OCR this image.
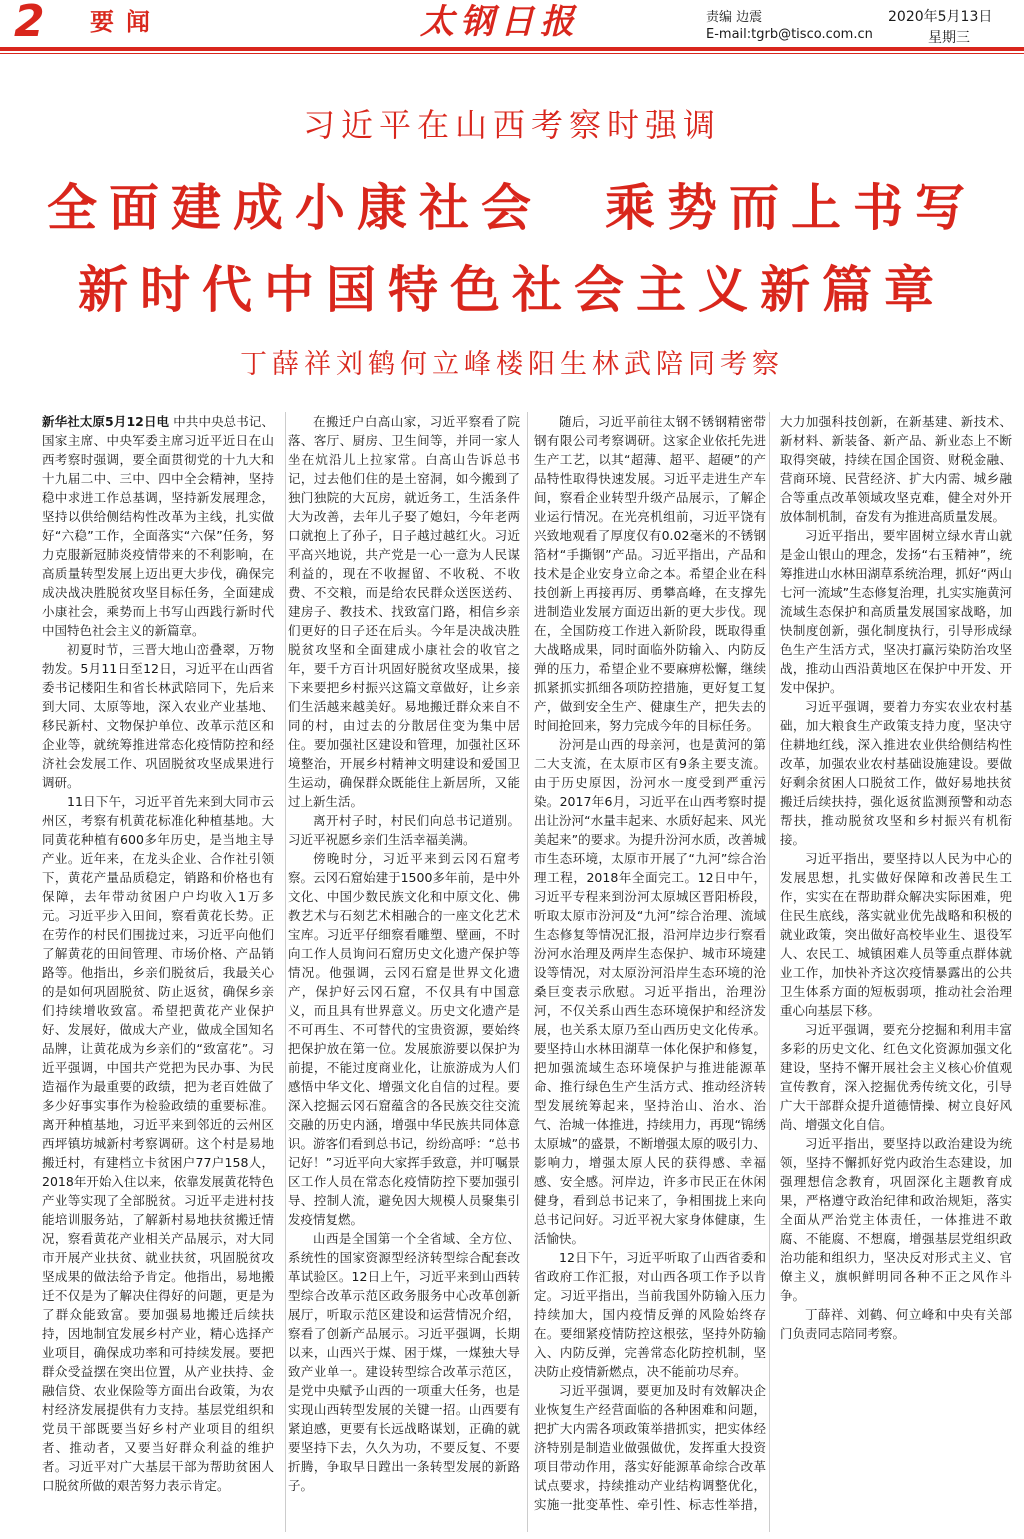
2 要闻	太钢日报	责编 边震
E-mail:tgrb@tisco.com.cn
2020年5月13日
星期三
习近平在山西考察时强调
全面建成小康社会　乘势而上书写
新时代中国特色社会主义新篇章
丁薛祥刘鹤何立峰楼阳生林武陪同考察

新华社太原5月12日电 中共中央总书记、国家主席、中央军委主席习近平近日在山西考察时强调，要全面贯彻党的十九大和十九届二中、三中、四中全会精神，坚持稳中求进工作总基调，坚持新发展理念，坚持以供给侧结构性改革为主线，扎实做好“六稳”工作，全面落实“六保”任务，努力克服新冠肺炎疫情带来的不利影响，在高质量转型发展上迈出更大步伐，确保完成决战决胜脱贫攻坚目标任务，全面建成小康社会，乘势而上书写山西践行新时代中国特色社会主义的新篇章。

初夏时节，三晋大地山峦叠翠，万物勃发。5月11日至12日，习近平在山西省委书记楼阳生和省长林武陪同下，先后来到大同、太原等地，深入农业产业基地、移民新村、文物保护单位、改革示范区和企业等，就统筹推进常态化疫情防控和经济社会发展工作、巩固脱贫攻坚成果进行调研。

11日下午，习近平首先来到大同市云州区，考察有机黄花标准化种植基地。大同黄花种植有600多年历史，是当地主导产业。近年来，在龙头企业、合作社引领下，黄花产量品质稳定，销路和价格也有保障，去年带动贫困户户均收入1万多元。习近平步入田间，察看黄花长势。正在劳作的村民们围拢过来，习近平向他们了解黄花的田间管理、市场价格、产品销路等。他指出，乡亲们脱贫后，我最关心的是如何巩固脱贫、防止返贫，确保乡亲们持续增收致富。希望把黄花产业保护好、发展好，做成大产业，做成全国知名品牌，让黄花成为乡亲们的“致富花”。习近平强调，中国共产党把为民办事、为民造福作为最重要的政绩，把为老百姓做了多少好事实事作为检验政绩的重要标准。离开种植基地，习近平来到邻近的云州区西坪镇坊城新村考察调研。这个村是易地搬迁村，有建档立卡贫困户77户158人，2018年开始入住以来，依靠发展黄花特色产业等实现了全部脱贫。习近平走进村技能培训服务站，了解新村易地扶贫搬迁情况，察看黄花产业相关产品展示，对大同市开展产业扶贫、就业扶贫，巩固脱贫攻坚成果的做法给予肯定。他指出，易地搬迁不仅是为了解决住得好的问题，更是为了群众能致富。要加强易地搬迁后续扶持，因地制宜发展乡村产业，精心选择产业项目，确保成功率和可持续发展。要把群众受益摆在突出位置，从产业扶持、金融信贷、农业保险等方面出台政策，为农村经济发展提供有力支持。基层党组织和党员干部既要当好乡村产业项目的组织者、推动者，又要当好群众利益的维护者。习近平对广大基层干部为帮助贫困人口脱贫所做的艰苦努力表示肯定。

在搬迁户白高山家，习近平察看了院落、客厅、厨房、卫生间等，并同一家人坐在炕沿儿上拉家常。白高山告诉总书记，过去他们住的是土窑洞，如今搬到了独门独院的大瓦房，就近务工，生活条件大为改善，去年儿子娶了媳妇，今年老两口就抱上了孙子，日子越过越红火。习近平高兴地说，共产党是一心一意为人民谋利益的，现在不收握留、不收税、不收费、不交粮，而是给农民群众送医送药、建房子、教技术、找致富门路，相信乡亲们更好的日子还在后头。今年是决战决胜脱贫攻坚和全面建成小康社会的收官之年，要千方百计巩固好脱贫攻坚成果，接下来要把乡村振兴这篇文章做好，让乡亲们生活越来越美好。易地搬迁群众来自不同的村，由过去的分散居住变为集中居住。要加强社区建设和管理，加强社区环境整治，开展乡村精神文明建设和爱国卫生运动，确保群众既能住上新居所，又能过上新生活。

离开村子时，村民们向总书记道别。习近平祝愿乡亲们生活幸福美满。

傍晚时分，习近平来到云冈石窟考察。云冈石窟始建于1500多年前，是中外文化、中国少数民族文化和中原文化、佛教艺术与石刻艺术相融合的一座文化艺术宝库。习近平仔细察看雕塑、壁画，不时向工作人员询问石窟历史文化遗产保护等情况。他强调，云冈石窟是世界文化遗产，保护好云冈石窟，不仅具有中国意义，而且具有世界意义。历史文化遗产是不可再生、不可替代的宝贵资源，要始终把保护放在第一位。发展旅游要以保护为前提，不能过度商业化，让旅游成为人们感悟中华文化、增强文化自信的过程。要深入挖掘云冈石窟蕴含的各民族交往交流交融的历史内涵，增强中华民族共同体意识。游客们看到总书记，纷纷高呼：“总书记好！”习近平向大家挥手致意，并叮嘱景区工作人员在常态化疫情防控下要加强引导、控制人流，避免因大规模人员聚集引发疫情复燃。

山西是全国第一个全省域、全方位、系统性的国家资源型经济转型综合配套改革试验区。12日上午，习近平来到山西转型综合改革示范区政务服务中心改革创新展厅，听取示范区建设和运营情况介绍，察看了创新产品展示。习近平强调，长期以来，山西兴于煤、困于煤，一煤独大导致产业单一。建设转型综合改革示范区，是党中央赋予山西的一项重大任务，也是实现山西转型发展的关键一招。山西要有紧迫感，更要有长远战略谋划，正确的就要坚持下去，久久为功，不要反复、不要折腾，争取早日蹚出一条转型发展的新路子。

随后，习近平前往太钢不锈钢精密带钢有限公司考察调研。这家企业依托先进生产工艺，以其“超薄、超平、超硬”的产品特性取得快速发展。习近平走进生产车间，察看企业转型升级产品展示，了解企业运行情况。在光亮机组前，习近平饶有兴致地观看了厚度仅有0.02毫米的不锈钢箔材“手撕钢”产品。习近平指出，产品和技术是企业安身立命之本。希望企业在科技创新上再接再厉、勇攀高峰，在支撑先进制造业发展方面迈出新的更大步伐。现在，全国防疫工作进入新阶段，既取得重大战略成果，同时面临外防输入、内防反弹的压力，希望企业不要麻痹松懈，继续抓紧抓实抓细各项防控措施，更好复工复产，做到安全生产、健康生产，把失去的时间抢回来，努力完成今年的目标任务。

汾河是山西的母亲河，也是黄河的第二大支流，在太原市区有9条主要支流。由于历史原因，汾河水一度受到严重污染。2017年6月，习近平在山西考察时提出让汾河“水量丰起来、水质好起来、风光美起来”的要求。为提升汾河水质，改善城市生态环境，太原市开展了“九河”综合治理工程，2018年全面完工。12日中午，习近平专程来到汾河太原城区晋阳桥段，听取太原市汾河及“九河”综合治理、流域生态修复等情况汇报，沿河岸边步行察看汾河水治理及两岸生态保护、城市环境建设等情况，对太原汾河沿岸生态环境的沧桑巨变表示欣慰。习近平指出，治理汾河，不仅关系山西生态环境保护和经济发展，也关系太原乃至山西历史文化传承。要坚持山水林田湖草一体化保护和修复，把加强流域生态环境保护与推进能源革命、推行绿色生产生活方式、推动经济转型发展统筹起来，坚持治山、治水、治气、治城一体推进，持续用力，再现“锦绣太原城”的盛景，不断增强太原的吸引力、影响力，增强太原人民的获得感、幸福感、安全感。河岸边，许多市民正在休闲健身，看到总书记来了，争相围拢上来向总书记问好。习近平祝大家身体健康，生活愉快。

12日下午，习近平听取了山西省委和省政府工作汇报，对山西各项工作予以肯定。习近平指出，当前我国外防输入压力持续加大，国内疫情反弹的风险始终存在。要细紧疫情防控这根弦，坚持外防输入、内防反弹，完善常态化防控机制，坚决防止疫情新燃点，决不能前功尽弃。

习近平强调，要更加及时有效解决企业恢复生产经营面临的各种困难和问题，把扩大内需各项政策举措抓实，把实体经济特别是制造业做强做优，发挥重大投资项目带动作用，落实好能源革命综合改革试点要求，持续推动产业结构调整优化，实施一批变革性、牵引性、标志性举措，大力加强科技创新，在新基建、新技术、新材料、新装备、新产品、新业态上不断取得突破，持续在国企国资、财税金融、营商环境、民营经济、扩大内需、城乡融合等重点改革领域攻坚克难，健全对外开放体制机制，奋发有为推进高质量发展。

习近平指出，要牢固树立绿水青山就是金山银山的理念，发扬“右玉精神”，统筹推进山水林田湖草系统治理，抓好“两山七河一流域”生态修复治理，扎实实施黄河流域生态保护和高质量发展国家战略，加快制度创新，强化制度执行，引导形成绿色生产生活方式，坚决打赢污染防治攻坚战，推动山西沿黄地区在保护中开发、开发中保护。

习近平强调，要着力夯实农业农村基础，加大粮食生产政策支持力度，坚决守住耕地红线，深入推进农业供给侧结构性改革，加强农业农村基础设施建设。要做好剩余贫困人口脱贫工作，做好易地扶贫搬迁后续扶持，强化返贫监测预警和动态帮扶，推动脱贫攻坚和乡村振兴有机衔接。

习近平指出，要坚持以人民为中心的发展思想，扎实做好保障和改善民生工作，实实在在帮助群众解决实际困难，兜住民生底线，落实就业优先战略和积极的就业政策，突出做好高校毕业生、退役军人、农民工、城镇困难人员等重点群体就业工作，加快补齐这次疫情暴露出的公共卫生体系方面的短板弱项，推动社会治理重心向基层下移。

习近平强调，要充分挖掘和利用丰富多彩的历史文化、红色文化资源加强文化建设，坚持不懈开展社会主义核心价值观宣传教育，深入挖掘优秀传统文化，引导广大干部群众提升道德情操、树立良好风尚、增强文化自信。

习近平指出，要坚持以政治建设为统领，坚持不懈抓好党内政治生态建设，加强理想信念教育，巩固深化主题教育成果，严格遵守政治纪律和政治规矩，落实全面从严治党主体责任，一体推进不敢腐、不能腐、不想腐，增强基层党组织政治功能和组织力，坚决反对形式主义、官僚主义，旗帜鲜明同各种不正之风作斗争。

丁薛祥、刘鹤、何立峰和中央有关部门负责同志陪同考察。
